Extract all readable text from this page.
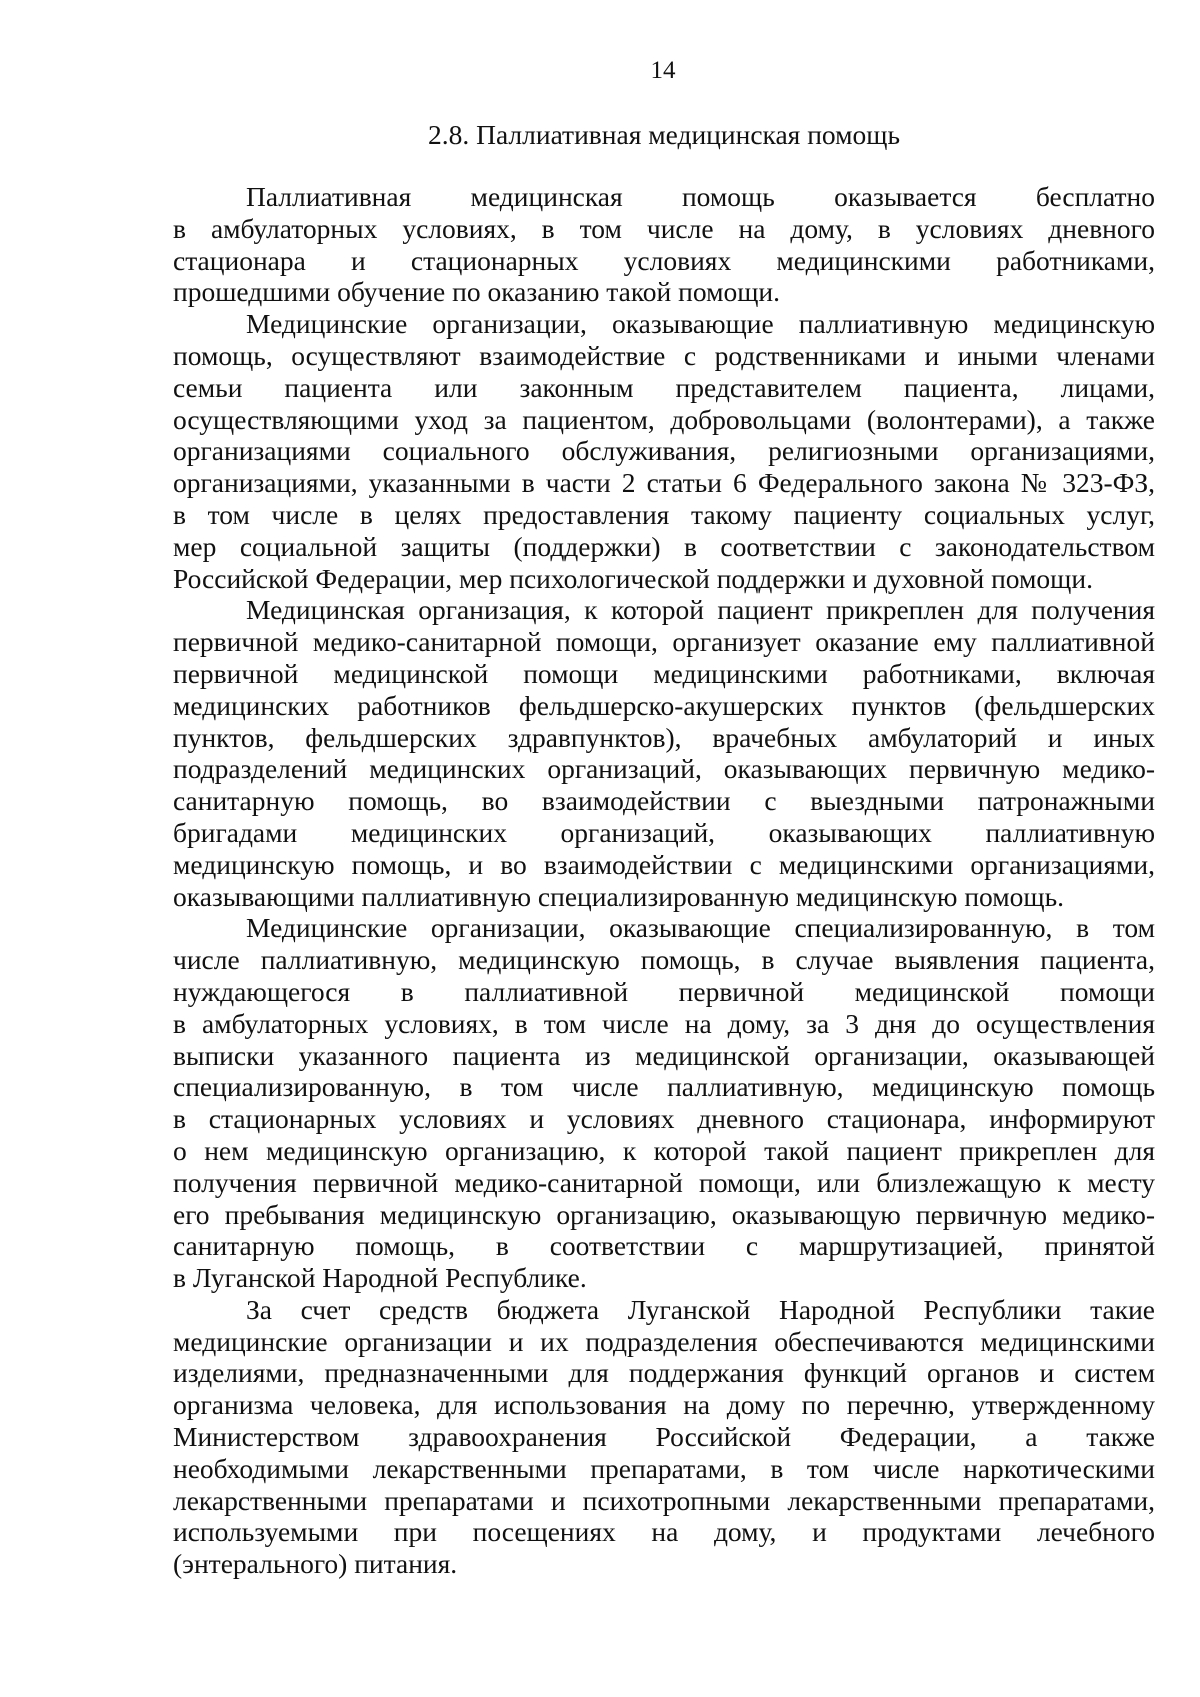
14
2.8. Паллиативная медицинская помощь
Паллиативная медицинская помощь оказывается бесплатно
в амбулаторных условиях, в том числе на дому, в условиях дневного
стационара и стационарных условиях медицинскими работниками,
прошедшими обучение по оказанию такой помощи.
Медицинские организации, оказывающие паллиативную медицинскую
помощь, осуществляют взаимодействие с родственниками и иными членами
семьи пациента или законным представителем пациента, лицами,
осуществляющими уход за пациентом, добровольцами (волонтерами), а также
организациями социального обслуживания, религиозными организациями,
организациями, указанными в части 2 статьи 6 Федерального закона № 323-ФЗ,
в том числе в целях предоставления такому пациенту социальных услуг,
мер социальной защиты (поддержки) в соответствии с законодательством
Российской Федерации, мер психологической поддержки и духовной помощи.
Медицинская организация, к которой пациент прикреплен для получения
первичной медико-санитарной помощи, организует оказание ему паллиативной
первичной медицинской помощи медицинскими работниками, включая
медицинских работников фельдшерско-акушерских пунктов (фельдшерских
пунктов, фельдшерских здравпунктов), врачебных амбулаторий и иных
подразделений медицинских организаций, оказывающих первичную медико-
санитарную помощь, во взаимодействии с выездными патронажными
бригадами медицинских организаций, оказывающих паллиативную
медицинскую помощь, и во взаимодействии с медицинскими организациями,
оказывающими паллиативную специализированную медицинскую помощь.
Медицинские организации, оказывающие специализированную, в том
числе паллиативную, медицинскую помощь, в случае выявления пациента,
нуждающегося в паллиативной первичной медицинской помощи
в амбулаторных условиях, в том числе на дому, за 3 дня до осуществления
выписки указанного пациента из медицинской организации, оказывающей
специализированную, в том числе паллиативную, медицинскую помощь
в стационарных условиях и условиях дневного стационара, информируют
о нем медицинскую организацию, к которой такой пациент прикреплен для
получения первичной медико-санитарной помощи, или близлежащую к месту
его пребывания медицинскую организацию, оказывающую первичную медико-
санитарную помощь, в соответствии с маршрутизацией, принятой
в Луганской Народной Республике.
За счет средств бюджета Луганской Народной Республики такие
медицинские организации и их подразделения обеспечиваются медицинскими
изделиями, предназначенными для поддержания функций органов и систем
организма человека, для использования на дому по перечню, утвержденному
Министерством здравоохранения Российской Федерации, а также
необходимыми лекарственными препаратами, в том числе наркотическими
лекарственными препаратами и психотропными лекарственными препаратами,
используемыми при посещениях на дому, и продуктами лечебного
(энтерального) питания.
